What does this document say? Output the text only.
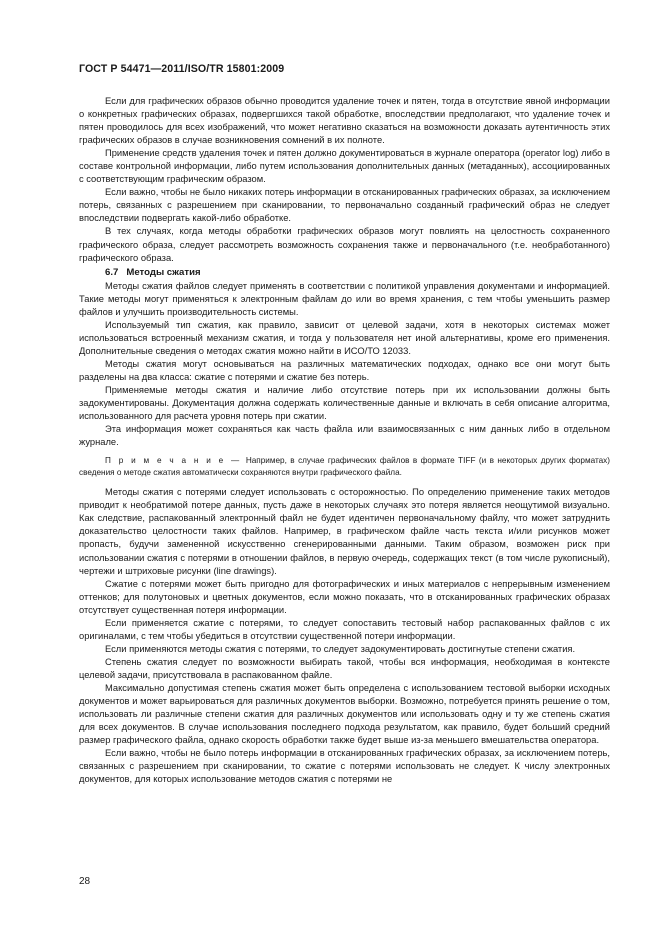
ГОСТ Р 54471—2011/ISO/TR 15801:2009

Если для графических образов обычно проводится удаление точек и пятен, тогда в отсутствие явной информации о конкретных графических образах, подвергшихся такой обработке, впоследствии предполагают, что удаление точек и пятен проводилось для всех изображений, что может негативно сказаться на возможности доказать аутентичность этих графических образов в случае возникновения сомнений в их полноте.

Применение средств удаления точек и пятен должно документироваться в журнале оператора (operator log) либо в составе контрольной информации, либо путем использования дополнительных данных (метаданных), ассоциированных с соответствующим графическим образом.

Если важно, чтобы не было никаких потерь информации в отсканированных графических образах, за исключением потерь, связанных с разрешением при сканировании, то первоначально созданный графический образ не следует впоследствии подвергать какой-либо обработке.

В тех случаях, когда методы обработки графических образов могут повлиять на целостность сохраненного графического образа, следует рассмотреть возможность сохранения также и первоначального (т.е. необработанного) графического образа.

6.7 Методы сжатия

Методы сжатия файлов следует применять в соответствии с политикой управления документами и информацией. Такие методы могут применяться к электронным файлам до или во время хранения, с тем чтобы уменьшить размер файлов и улучшить производительность системы.

Используемый тип сжатия, как правило, зависит от целевой задачи, хотя в некоторых системах может использоваться встроенный механизм сжатия, и тогда у пользователя нет иной альтернативы, кроме его применения. Дополнительные сведения о методах сжатия можно найти в ИСО/ТО 12033.

Методы сжатия могут основываться на различных математических подходах, однако все они могут быть разделены на два класса: сжатие с потерями и сжатие без потерь.

Применяемые методы сжатия и наличие либо отсутствие потерь при их использовании должны быть задокументированы. Документация должна содержать количественные данные и включать в себя описание алгоритма, использованного для расчета уровня потерь при сжатии.

Эта информация может сохраняться как часть файла или взаимосвязанных с ним данных либо в отдельном журнале.

П р и м е ч а н и е — Например, в случае графических файлов в формате TIFF (и в некоторых других форматах) сведения о методе сжатия автоматически сохраняются внутри графического файла.

Методы сжатия с потерями следует использовать с осторожностью. По определению применение таких методов приводит к необратимой потере данных, пусть даже в некоторых случаях это потеря является неощутимой визуально. Как следствие, распакованный электронный файл не будет идентичен первоначальному файлу, что может затруднить доказательство целостности таких файлов. Например, в графическом файле часть текста и/или рисунков может пропасть, будучи замененной искусственно сгенерированными данными. Таким образом, возможен риск при использовании сжатия с потерями в отношении файлов, в первую очередь, содержащих текст (в том числе рукописный), чертежи и штриховые рисунки (line drawings).

Сжатие с потерями может быть пригодно для фотографических и иных материалов с непрерывным изменением оттенков; для полутоновых и цветных документов, если можно показать, что в отсканированных графических образах отсутствует существенная потеря информации.

Если применяется сжатие с потерями, то следует сопоставить тестовый набор распакованных файлов с их оригиналами, с тем чтобы убедиться в отсутствии существенной потери информации.

Если применяются методы сжатия с потерями, то следует задокументировать достигнутые степени сжатия.

Степень сжатия следует по возможности выбирать такой, чтобы вся информация, необходимая в контексте целевой задачи, присутствовала в распакованном файле.

Максимально допустимая степень сжатия может быть определена с использованием тестовой выборки исходных документов и может варьироваться для различных документов выборки. Возможно, потребуется принять решение о том, использовать ли различные степени сжатия для различных документов или использовать одну и ту же степень сжатия для всех документов. В случае использования последнего подхода результатом, как правило, будет больший средний размер графического файла, однако скорость обработки также будет выше из-за меньшего вмешательства оператора.

Если важно, чтобы не было потерь информации в отсканированных графических образах, за исключением потерь, связанных с разрешением при сканировании, то сжатие с потерями использовать не следует. К числу электронных документов, для которых использование методов сжатия с потерями не

28
